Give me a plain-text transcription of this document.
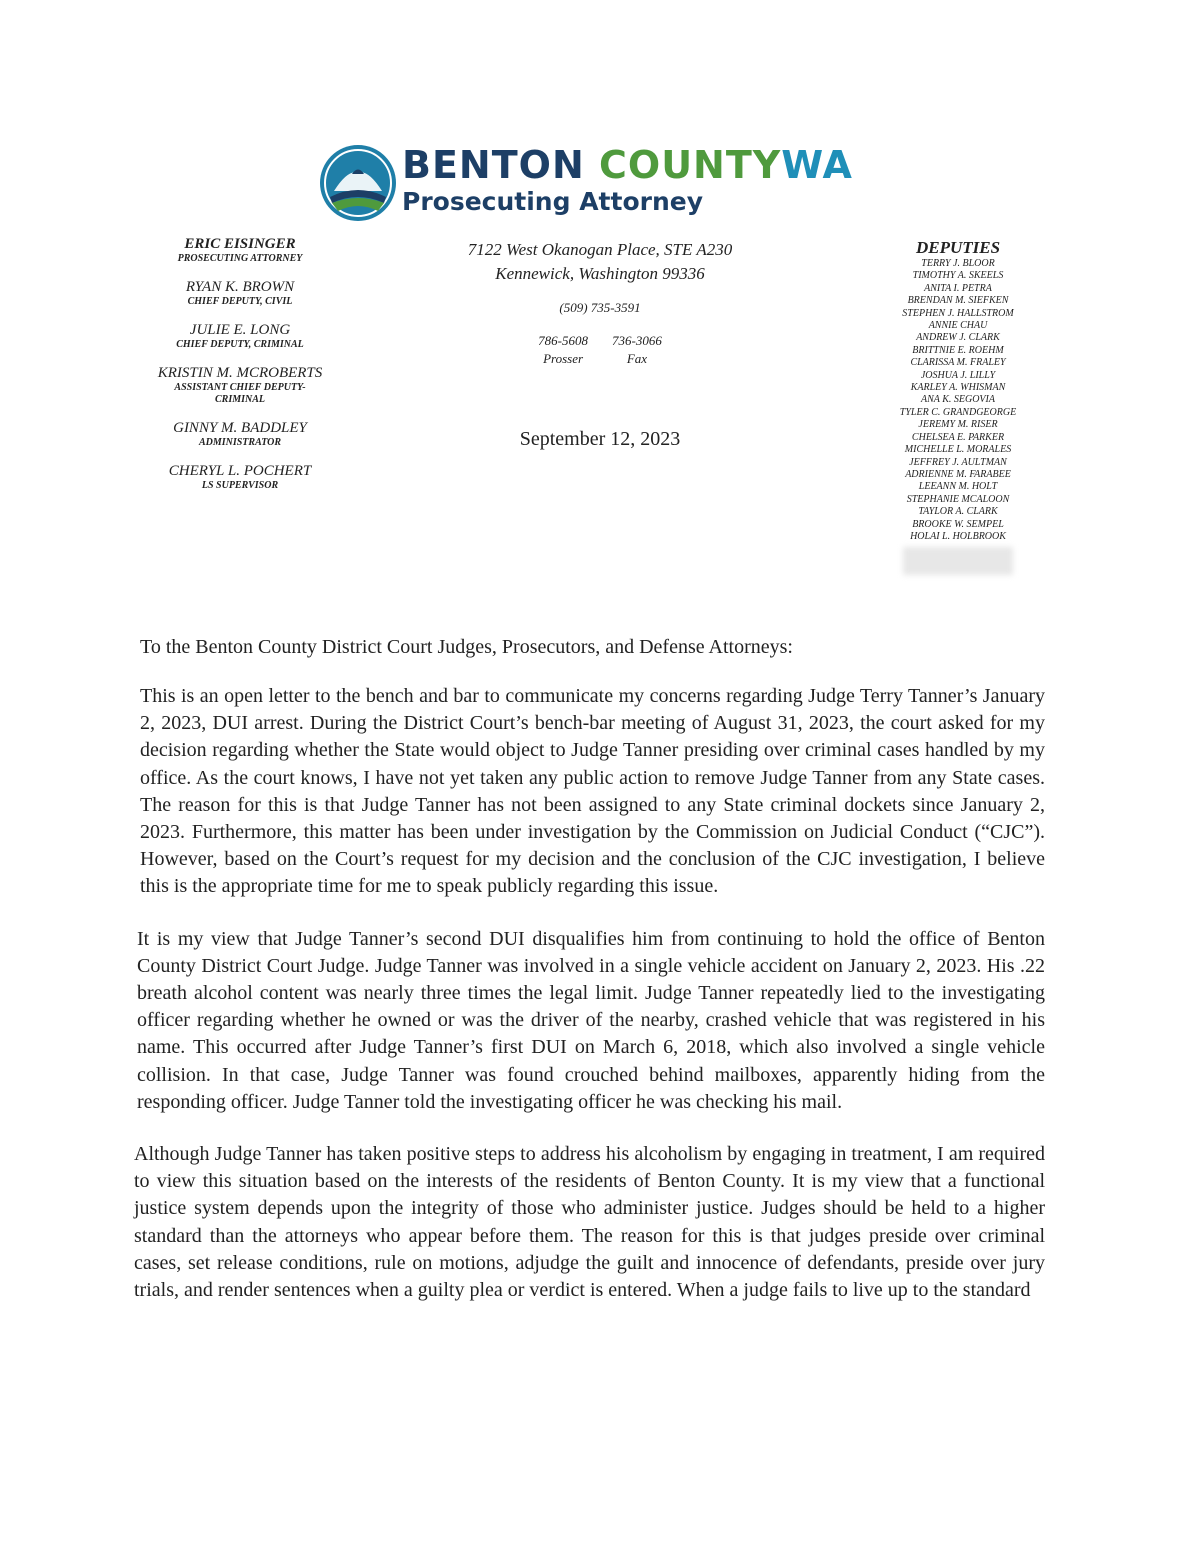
BENTON COUNTYWA
Prosecuting Attorney
ERIC EISINGER
PROSECUTING ATTORNEY
RYAN K. BROWN
CHIEF DEPUTY, CIVIL
JULIE E. LONG
CHIEF DEPUTY, CRIMINAL
KRISTIN M. MCROBERTS
ASSISTANT CHIEF DEPUTY-
CRIMINAL
GINNY M. BADDLEY
ADMINISTRATOR
CHERYL L. POCHERT
LS SUPERVISOR
7122 West Okanogan Place, STE A230
Kennewick, Washington 99336
(509) 735-3591
786-5608
Prosser
736-3066
Fax
September 12, 2023
DEPUTIES
TERRY J. BLOOR
TIMOTHY A. SKEELS
ANITA I. PETRA
BRENDAN M. SIEFKEN
STEPHEN J. HALLSTROM
ANNIE CHAU
ANDREW J. CLARK
BRITTNIE E. ROEHM
CLARISSA M. FRALEY
JOSHUA J. LILLY
KARLEY A. WHISMAN
ANA K. SEGOVIA
TYLER C. GRANDGEORGE
JEREMY M. RISER
CHELSEA E. PARKER
MICHELLE L. MORALES
JEFFREY J. AULTMAN
ADRIENNE M. FARABEE
LEEANN M. HOLT
STEPHANIE MCALOON
TAYLOR A. CLARK
BROOKE W. SEMPEL
HOLAI L. HOLBROOK

To the Benton County District Court Judges, Prosecutors, and Defense Attorneys:

This is an open letter to the bench and bar to communicate my concerns regarding Judge Terry Tanner’s January 2, 2023, DUI arrest. During the District Court’s bench-bar meeting of August 31, 2023, the court asked for my decision regarding whether the State would object to Judge Tanner presiding over criminal cases handled by my office. As the court knows, I have not yet taken any public action to remove Judge Tanner from any State cases. The reason for this is that Judge Tanner has not been assigned to any State criminal dockets since January 2, 2023. Furthermore, this matter has been under investigation by the Commission on Judicial Conduct (“CJC”). However, based on the Court’s request for my decision and the conclusion of the CJC investigation, I believe this is the appropriate time for me to speak publicly regarding this issue.

It is my view that Judge Tanner’s second DUI disqualifies him from continuing to hold the office of Benton County District Court Judge. Judge Tanner was involved in a single vehicle accident on January 2, 2023. His .22 breath alcohol content was nearly three times the legal limit. Judge Tanner repeatedly lied to the investigating officer regarding whether he owned or was the driver of the nearby, crashed vehicle that was registered in his name. This occurred after Judge Tanner’s first DUI on March 6, 2018, which also involved a single vehicle collision. In that case, Judge Tanner was found crouched behind mailboxes, apparently hiding from the responding officer. Judge Tanner told the investigating officer he was checking his mail.

Although Judge Tanner has taken positive steps to address his alcoholism by engaging in treatment, I am required to view this situation based on the interests of the residents of Benton County. It is my view that a functional justice system depends upon the integrity of those who administer justice. Judges should be held to a higher standard than the attorneys who appear before them. The reason for this is that judges preside over criminal cases, set release conditions, rule on motions, adjudge the guilt and innocence of defendants, preside over jury trials, and render sentences when a guilty plea or verdict is entered. When a judge fails to live up to the standard
